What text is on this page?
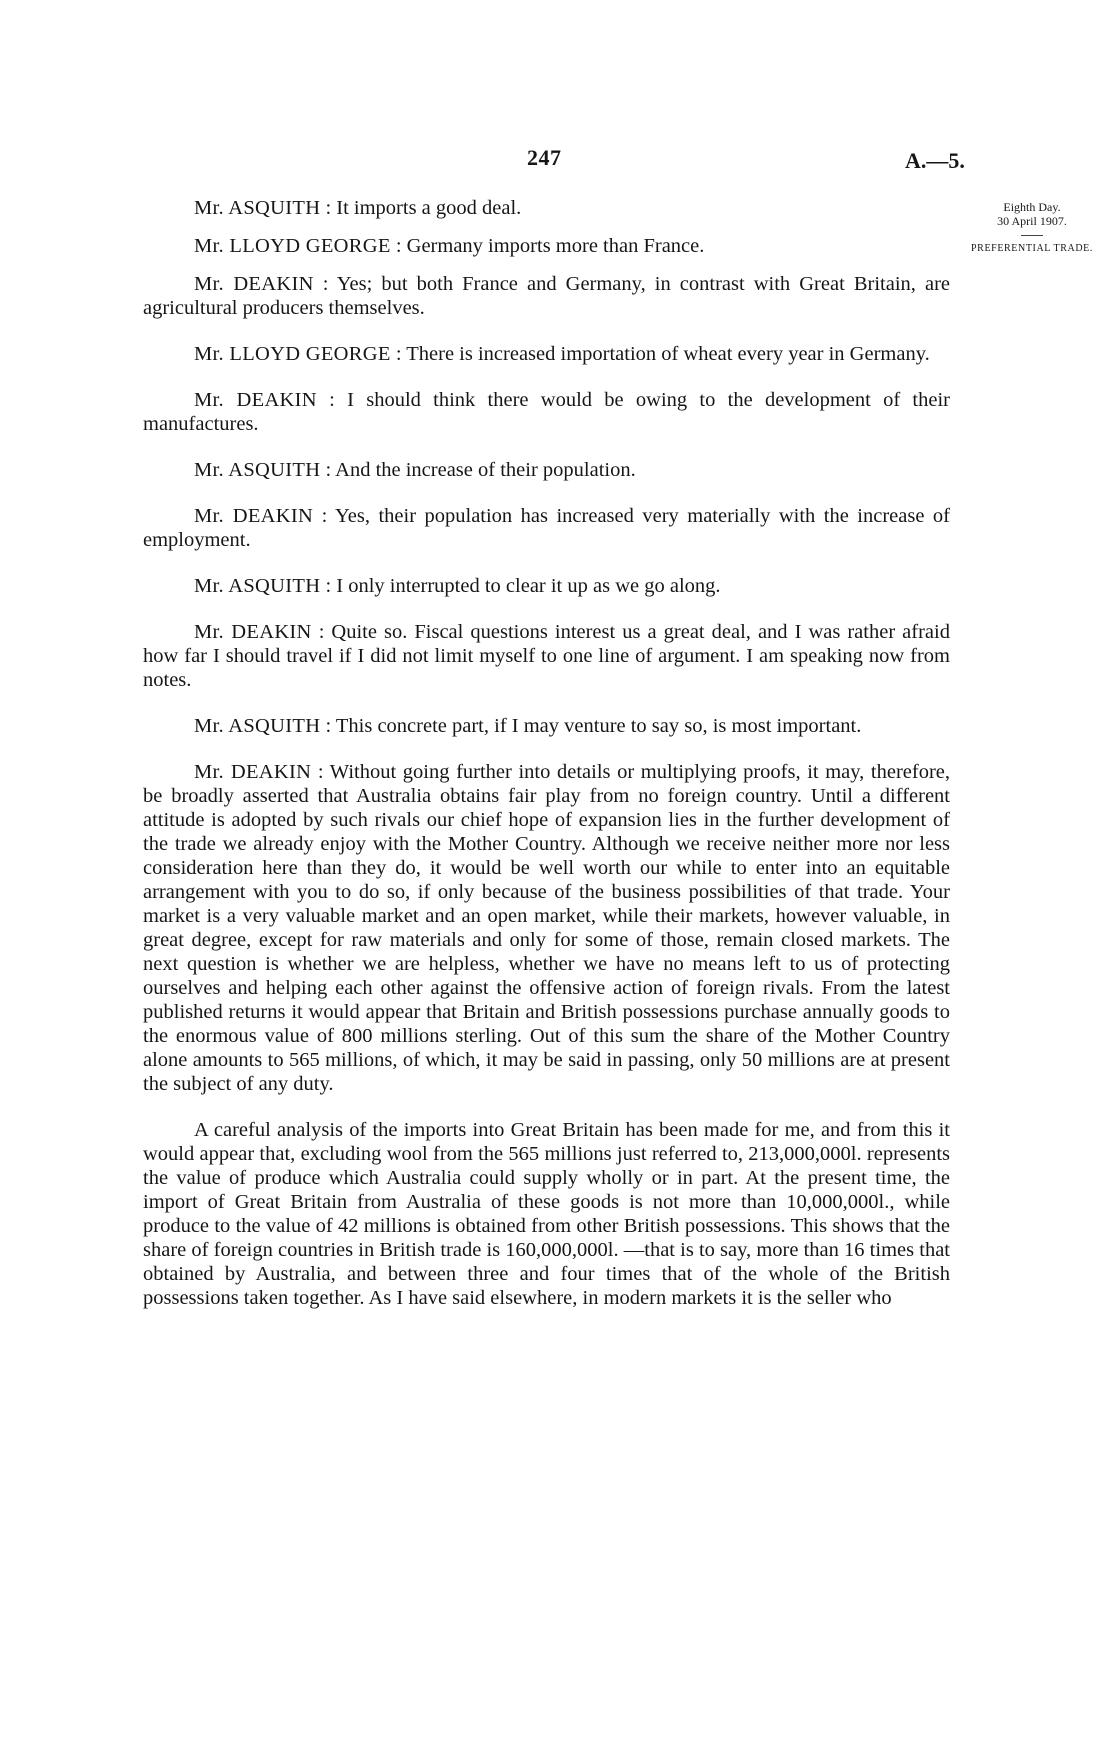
247	A.—5.
Eighth Day.
30 April 1907.
PREFERENTIAL TRADE.

Mr. ASQUITH : It imports a good deal.

Mr. LLOYD GEORGE : Germany imports more than France.

Mr. DEAKIN : Yes; but both France and Germany, in contrast with Great Britain, are agricultural producers themselves.

Mr. LLOYD GEORGE : There is increased importation of wheat every year in Germany.

Mr. DEAKIN : I should think there would be owing to the development of their manufactures.

Mr. ASQUITH : And the increase of their population.

Mr. DEAKIN : Yes, their population has increased very materially with the increase of employment.

Mr. ASQUITH : I only interrupted to clear it up as we go along.

Mr. DEAKIN : Quite so. Fiscal questions interest us a great deal, and I was rather afraid how far I should travel if I did not limit myself to one line of argument. I am speaking now from notes.

Mr. ASQUITH : This concrete part, if I may venture to say so, is most important.

Mr. DEAKIN : Without going further into details or multiplying proofs, it may, therefore, be broadly asserted that Australia obtains fair play from no foreign country. Until a different attitude is adopted by such rivals our chief hope of expansion lies in the further development of the trade we already enjoy with the Mother Country. Although we receive neither more nor less consideration here than they do, it would be well worth our while to enter into an equitable arrangement with you to do so, if only because of the business possibilities of that trade. Your market is a very valuable market and an open market, while their markets, however valuable, in great degree, except for raw materials and only for some of those, remain closed markets. The next question is whether we are helpless, whether we have no means left to us of protecting ourselves and helping each other against the offensive action of foreign rivals. From the latest published returns it would appear that Britain and British possessions purchase annually goods to the enormous value of 800 millions sterling. Out of this sum the share of the Mother Country alone amounts to 565 millions, of which, it may be said in passing, only 50 millions are at present the subject of any duty.

A careful analysis of the imports into Great Britain has been made for me, and from this it would appear that, excluding wool from the 565 millions just referred to, 213,000,000l. represents the value of produce which Australia could supply wholly or in part. At the present time, the import of Great Britain from Australia of these goods is not more than 10,000,000l., while produce to the value of 42 millions is obtained from other British possessions. This shows that the share of foreign countries in British trade is 160,000,000l. —that is to say, more than 16 times that obtained by Australia, and between three and four times that of the whole of the British possessions taken together. As I have said elsewhere, in modern markets it is the seller who
